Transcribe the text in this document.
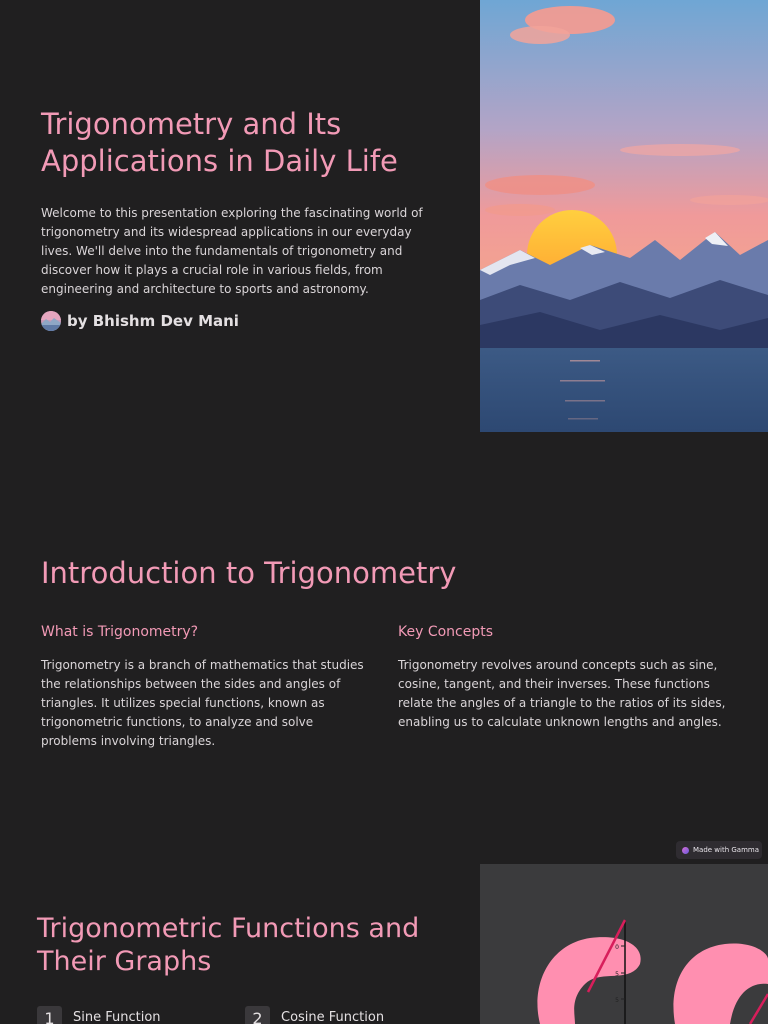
Trigonometry and Its Applications in Daily Life

Welcome to this presentation exploring the fascinating world of trigonometry and its widespread applications in our everyday lives. We'll delve into the fundamentals of trigonometry and discover how it plays a crucial role in various fields, from engineering and architecture to sports and astronomy.

by Bhishm Dev Mani
Introduction to Trigonometry
What is Trigonometry?

Trigonometry is a branch of mathematics that studies the relationships between the sides and angles of triangles. It utilizes special functions, known as trigonometric functions, to analyze and solve problems involving triangles.

Key Concepts

Trigonometry revolves around concepts such as sine, cosine, tangent, and their inverses. These functions relate the angles of a triangle to the ratios of its sides, enabling us to calculate unknown lengths and angles.

Made with Gamma
Trigonometric Functions and Their Graphs
1	Sine Function	2	Cosine Function
0
5
5
